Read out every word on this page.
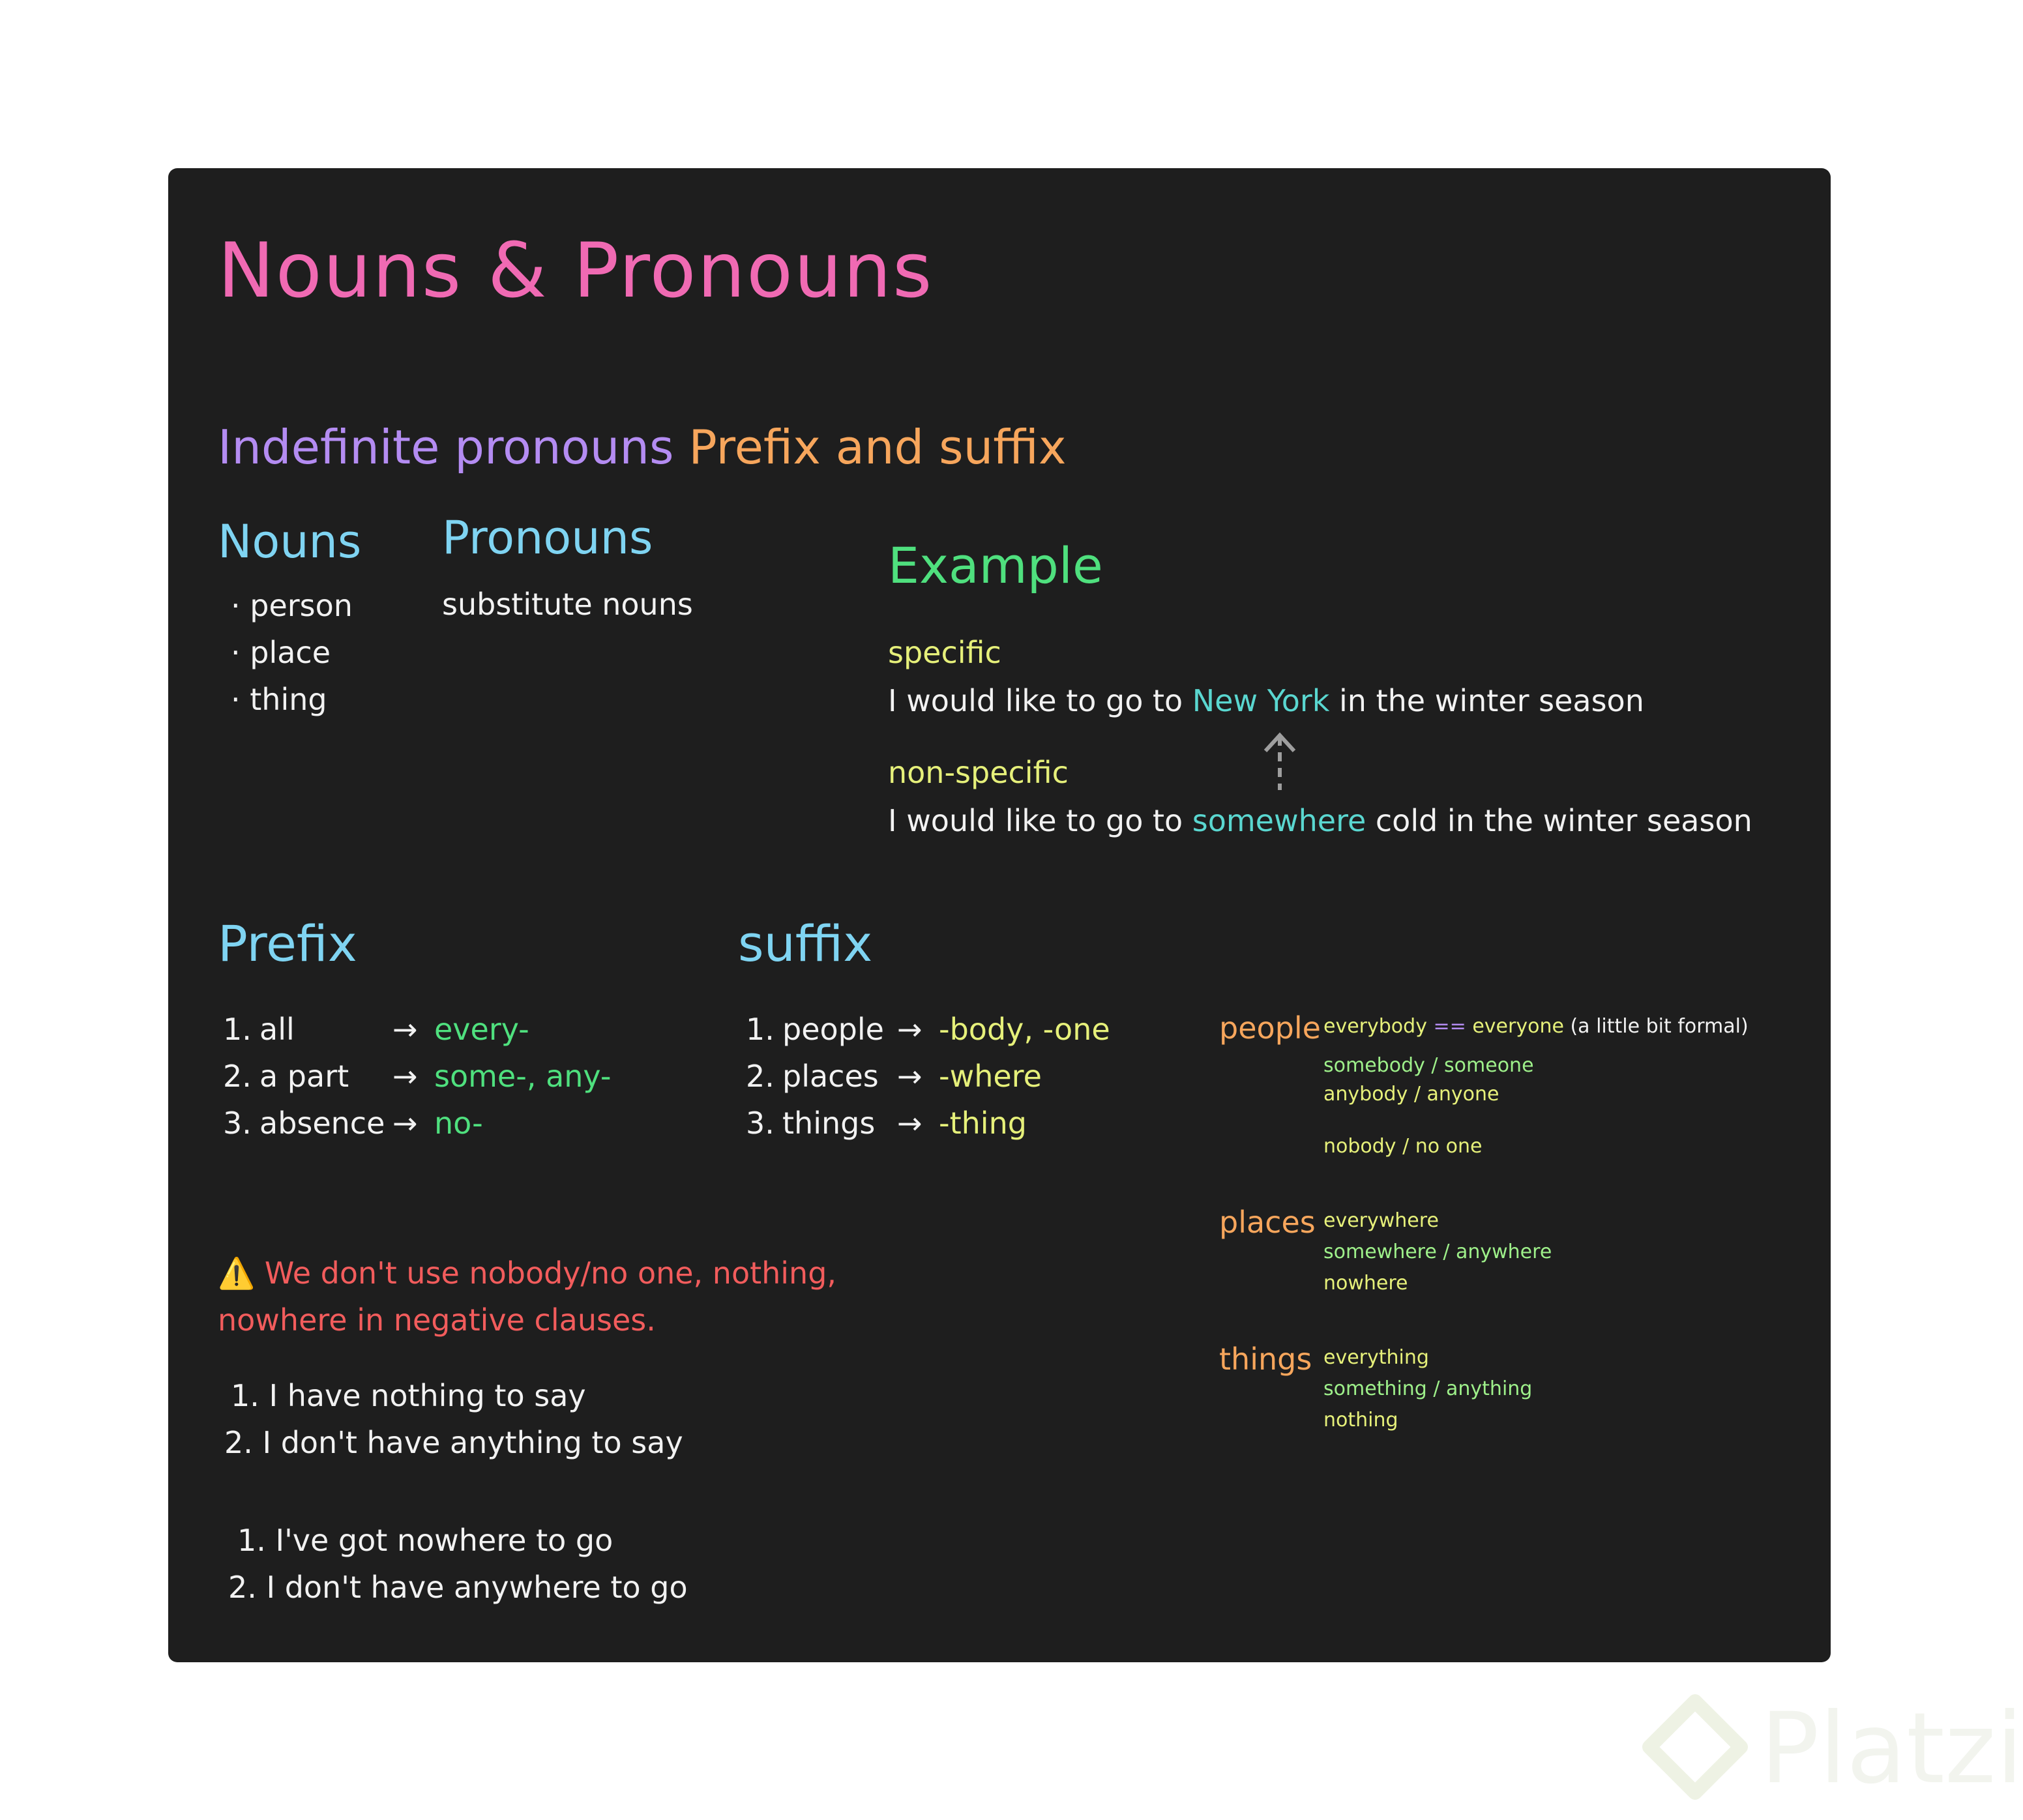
Nouns & Pronouns
Indefinite pronouns Prefix and suffix
Nouns
· person
· place
· thing
Pronouns
substitute nouns
Example
specific
I would like to go to New York in the winter season
non-specific
I would like to go to somewhere cold in the winter season
Prefix
1. all	→ every-
2. a part → some-, any-
3. absence → no-
suffix
1. people → -body, -one
2. places → -where
3. things → -thing
people everybody == everyone (a little bit formal)
somebody / someone
anybody / anyone
nobody / no one
places everywhere
somewhere / anywhere
nowhere
things everything
something / anything
nothing
⚠️ We don't use nobody/no one, nothing,
nowhere in negative clauses.
1. I have nothing to say
2. I don't have anything to say
1. I've got nowhere to go
2. I don't have anywhere to go
Platzi
